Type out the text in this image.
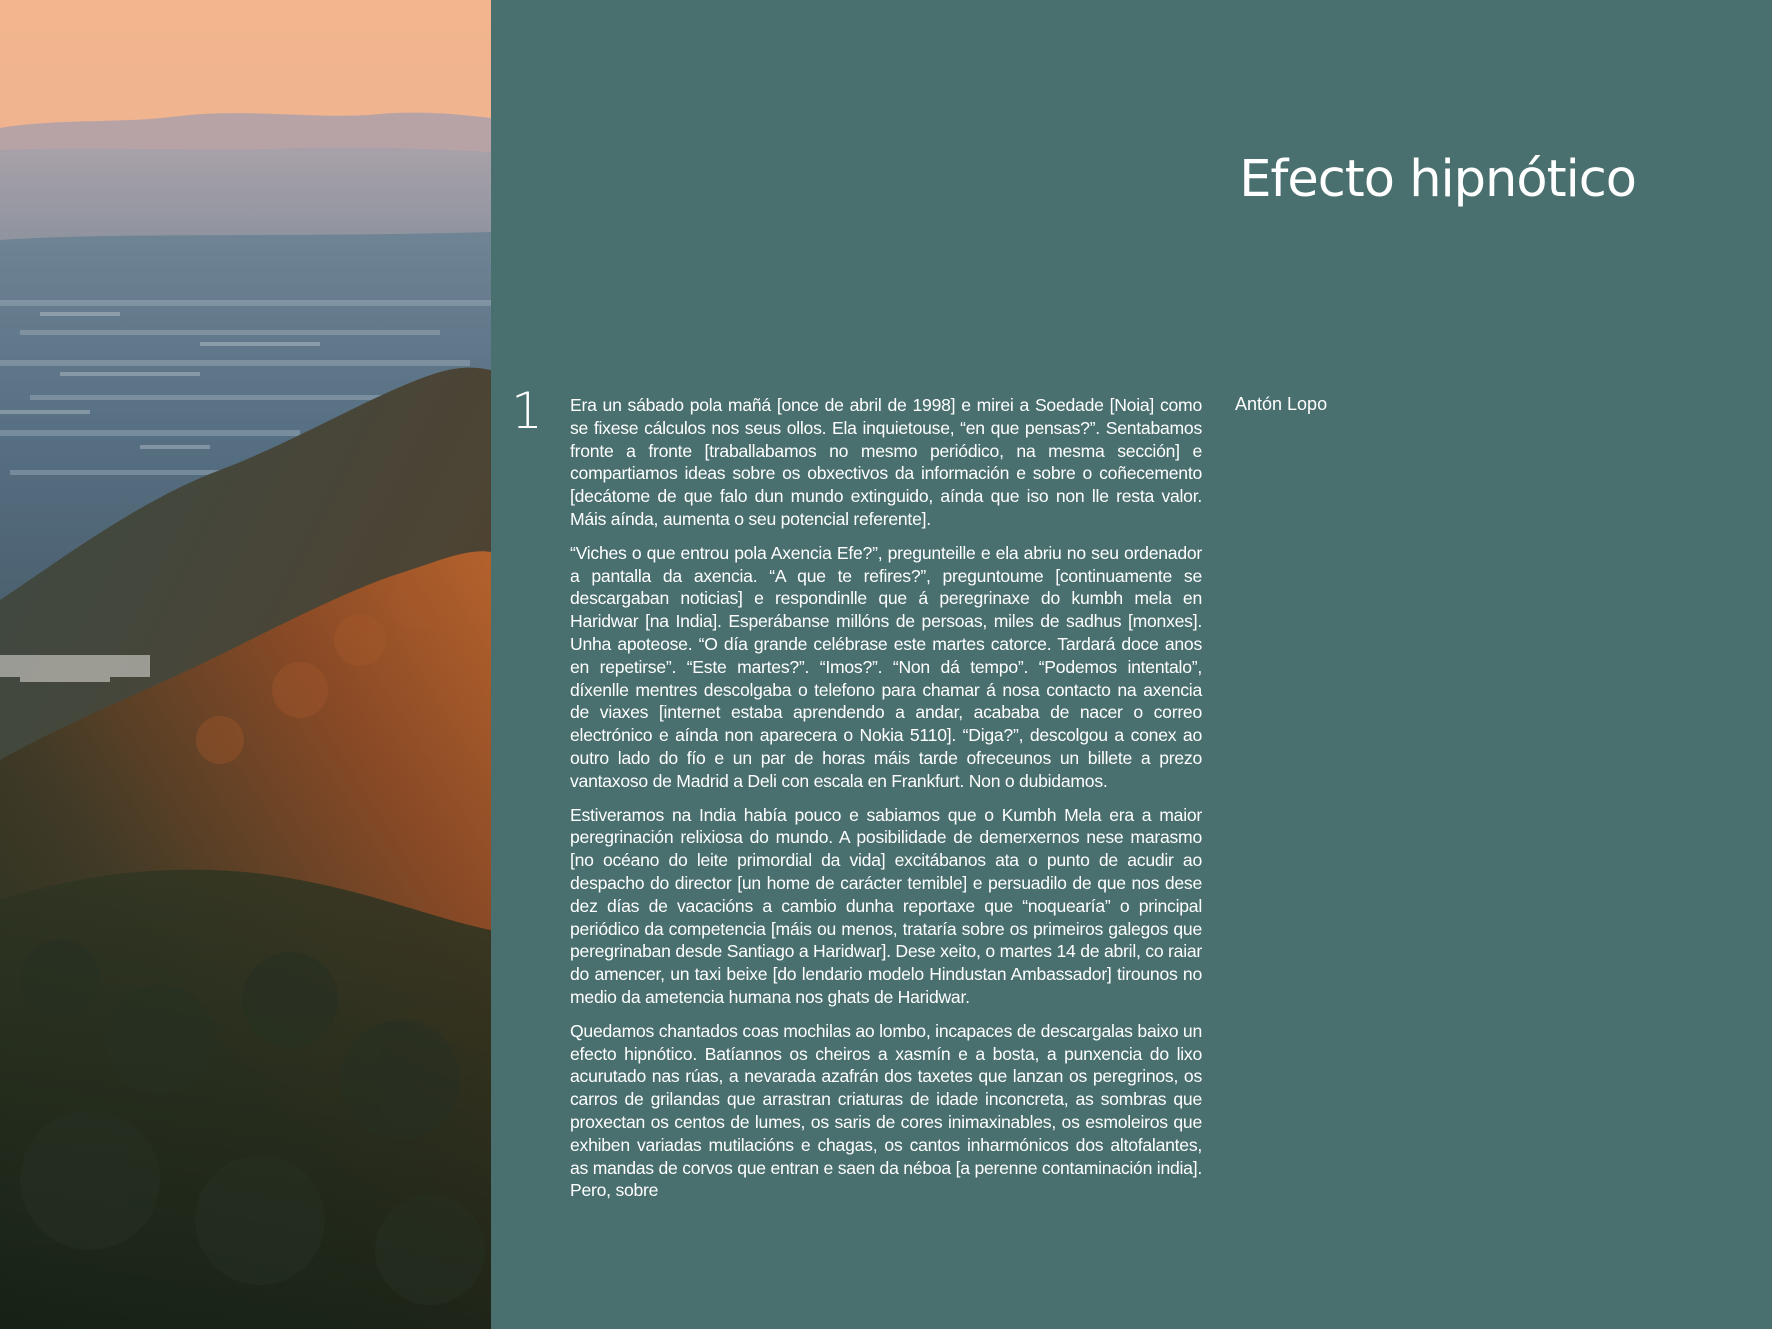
Efecto hipnótico
1	Antón Lopo

Era un sábado pola mañá [once de abril de 1998] e mirei a Soedade [Noia] como se fixese cálculos nos seus ollos. Ela inquietouse, “en que pensas?”. Sentabamos fronte a fronte [traballabamos no mesmo periódico, na mesma sección] e compartiamos ideas sobre os obxectivos da información e sobre o coñecemento [decátome de que falo dun mundo extinguido, aínda que iso non lle resta valor. Máis aínda, aumenta o seu potencial referente].

“Viches o que entrou pola Axencia Efe?”, pregunteille e ela abriu no seu ordenador a pantalla da axencia. “A que te refires?”, preguntoume [continuamente se descargaban noticias] e respondinlle que á peregrinaxe do kumbh mela en Haridwar [na India]. Esperábanse millóns de persoas, miles de sadhus [monxes]. Unha apoteose. “O día grande celébrase este martes catorce. Tardará doce anos en repetirse”. “Este martes?”. “Imos?”. “Non dá tempo”. “Podemos intentalo”, díxenlle mentres descolgaba o telefono para chamar á nosa contacto na axencia de viaxes [internet estaba aprendendo a andar, acababa de nacer o correo electrónico e aínda non aparecera o Nokia 5110]. “Diga?”, descolgou a conex ao outro lado do fío e un par de horas máis tarde ofreceunos un billete a prezo vantaxoso de Madrid a Deli con escala en Frankfurt. Non o dubidamos.

Estiveramos na India había pouco e sabiamos que o Kumbh Mela era a maior peregrinación relixiosa do mundo. A posibilidade de demerxernos nese marasmo [no océano do leite primordial da vida] excitábanos ata o punto de acudir ao despacho do director [un home de carácter temible] e persuadilo de que nos dese dez días de vacacións a cambio dunha reportaxe que “noquearía” o principal periódico da competencia [máis ou menos, trataría sobre os primeiros galegos que peregrinaban desde Santiago a Haridwar]. Dese xeito, o martes 14 de abril, co raiar do amencer, un taxi beixe [do lendario modelo Hindustan Ambassador] tirounos no medio da ametencia humana nos ghats de Haridwar.

Quedamos chantados coas mochilas ao lombo, incapaces de descargalas baixo un efecto hipnótico. Batíannos os cheiros a xasmín e a bosta, a punxencia do lixo acurutado nas rúas, a nevarada azafrán dos taxetes que lanzan os peregrinos, os carros de grilandas que arrastran criaturas de idade inconcreta, as sombras que proxectan os centos de lumes, os saris de cores inimaxinables, os esmoleiros que exhiben variadas mutilacións e chagas, os cantos inharmónicos dos altofalantes, as mandas de corvos que entran e saen da néboa [a perenne contaminación india]. Pero, sobre
